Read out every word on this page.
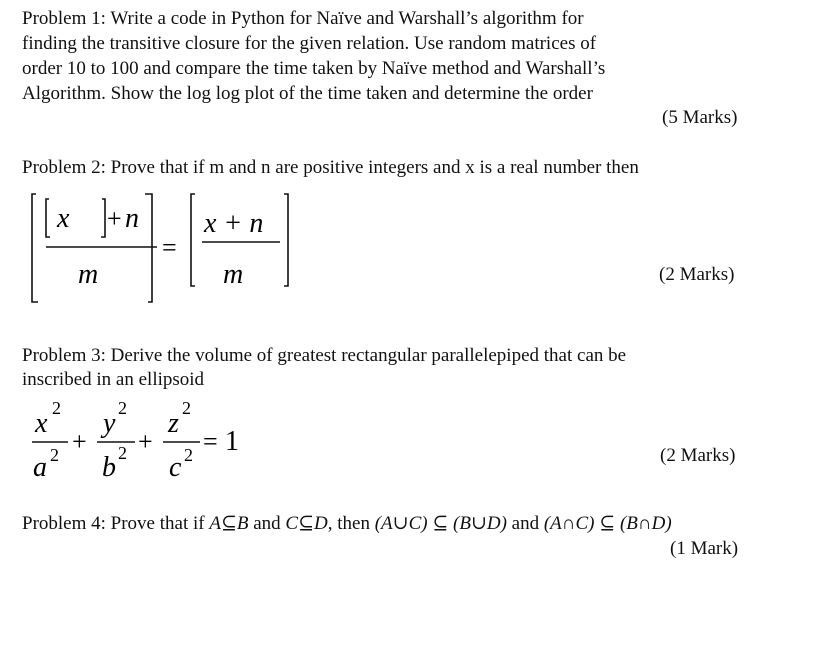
Problem 1: Write a code in Python for Naïve and Warshall’s algorithm for
finding the transitive closure for the given relation. Use random matrices of
order 10 to 100 and compare the time taken by Naïve method and Warshall’s
Algorithm. Show the log log plot of the time taken and determine the order
(5 Marks)
Problem 2: Prove that if m and n are positive integers and x is a real number then
x + n
m
=
x + n
m	(2 Marks)
Problem 3: Derive the volume of greatest rectangular parallelepiped that can be
inscribed in an ellipsoid
x 2 y 2 z 2
+ + = 1
a 2 b 2 c 2	(2 Marks)
Problem 4: Prove that if A⊆B and C⊆D, then (A∪C) ⊆ (B∪D) and (A∩C) ⊆ (B∩D)
(1 Mark)
